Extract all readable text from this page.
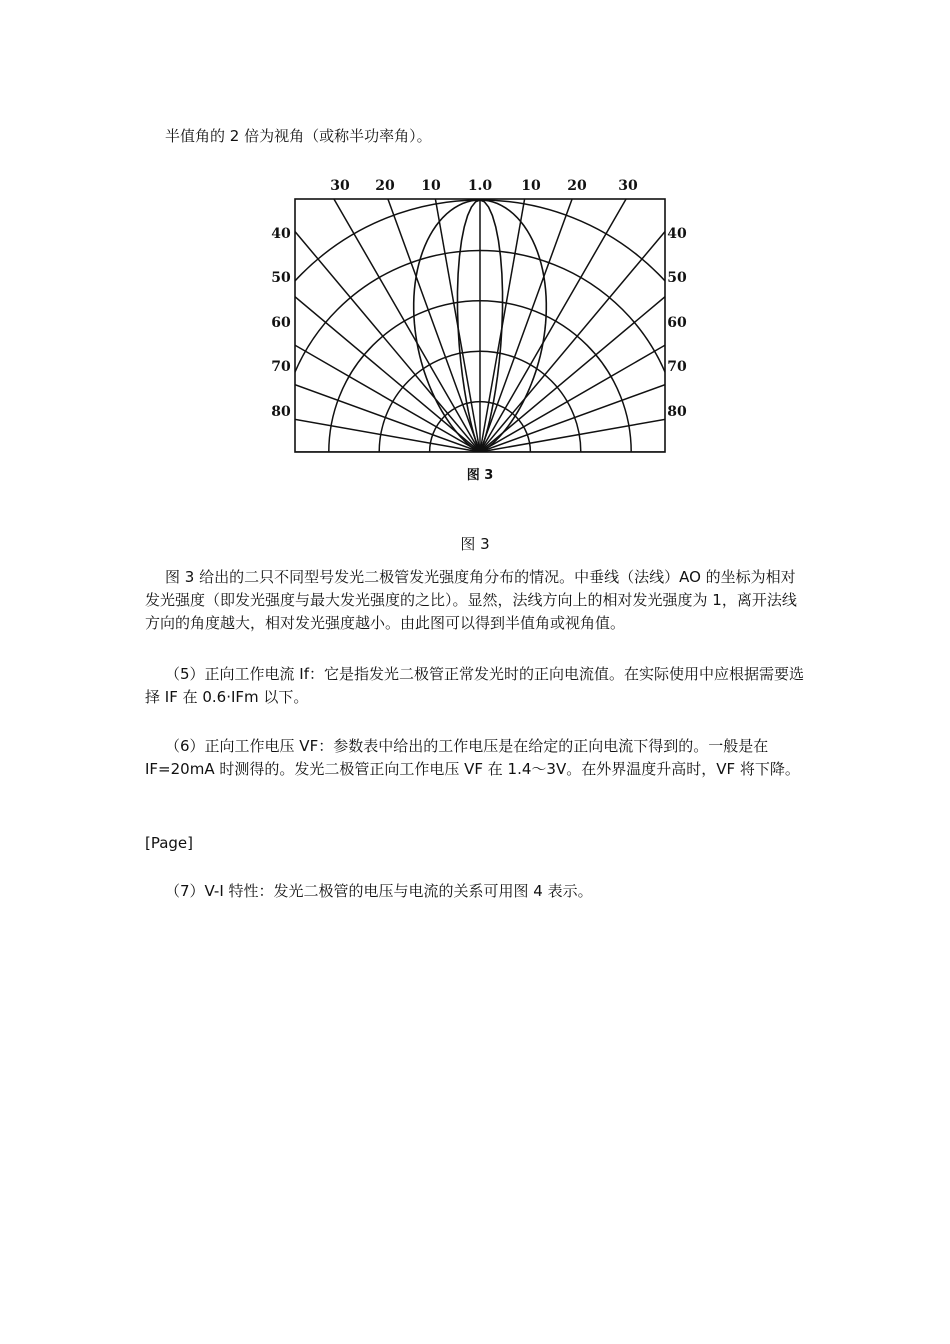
半值角的 2 倍为视角（或称半功率角）。

30 20 10 1.0 10 20 30
40
50
60
70
80
40
50
60
70
80
图 3

图 3

图 3 给出的二只不同型号发光二极管发光强度角分布的情况。中垂线（法线）AO 的坐标为相对发光强度（即发光强度与最大发光强度的之比）。显然，法线方向上的相对发光强度为 1，离开法线方向的角度越大，相对发光强度越小。由此图可以得到半值角或视角值。

（5）正向工作电流 If：它是指发光二极管正常发光时的正向电流值。在实际使用中应根据需要选择 IF 在 0.6·IFm 以下。

（6）正向工作电压 VF：参数表中给出的工作电压是在给定的正向电流下得到的。一般是在 IF=20mA 时测得的。发光二极管正向工作电压 VF 在 1.4～3V。在外界温度升高时，VF 将下降。

[Page]

（7）V-I 特性：发光二极管的电压与电流的关系可用图 4 表示。
